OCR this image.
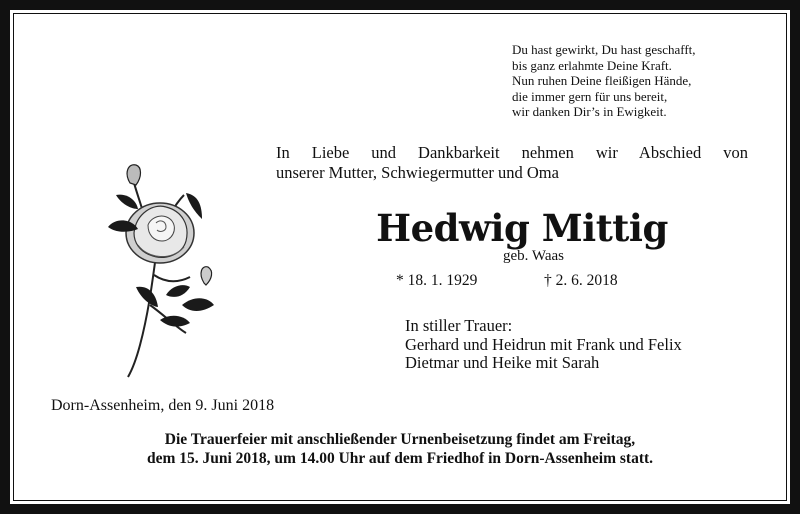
Du hast gewirkt, Du hast geschafft,
bis ganz erlahmte Deine Kraft.
Nun ruhen Deine fleißigen Hände,
die immer gern für uns bereit,
wir danken Dir’s in Ewigkeit.
In Liebe und Dankbarkeit nehmen wir Abschied von
unserer Mutter, Schwiegermutter und Oma
Hedwig Mittig
geb. Waas
* 18. 1. 1929	† 2. 6. 2018
In stiller Trauer:
Gerhard und Heidrun mit Frank und Felix
Dietmar und Heike mit Sarah
Dorn-Assenheim, den 9. Juni 2018
Die Trauerfeier mit anschließender Urnenbeisetzung findet am Freitag,
dem 15. Juni 2018, um 14.00 Uhr auf dem Friedhof in Dorn-Assenheim statt.
